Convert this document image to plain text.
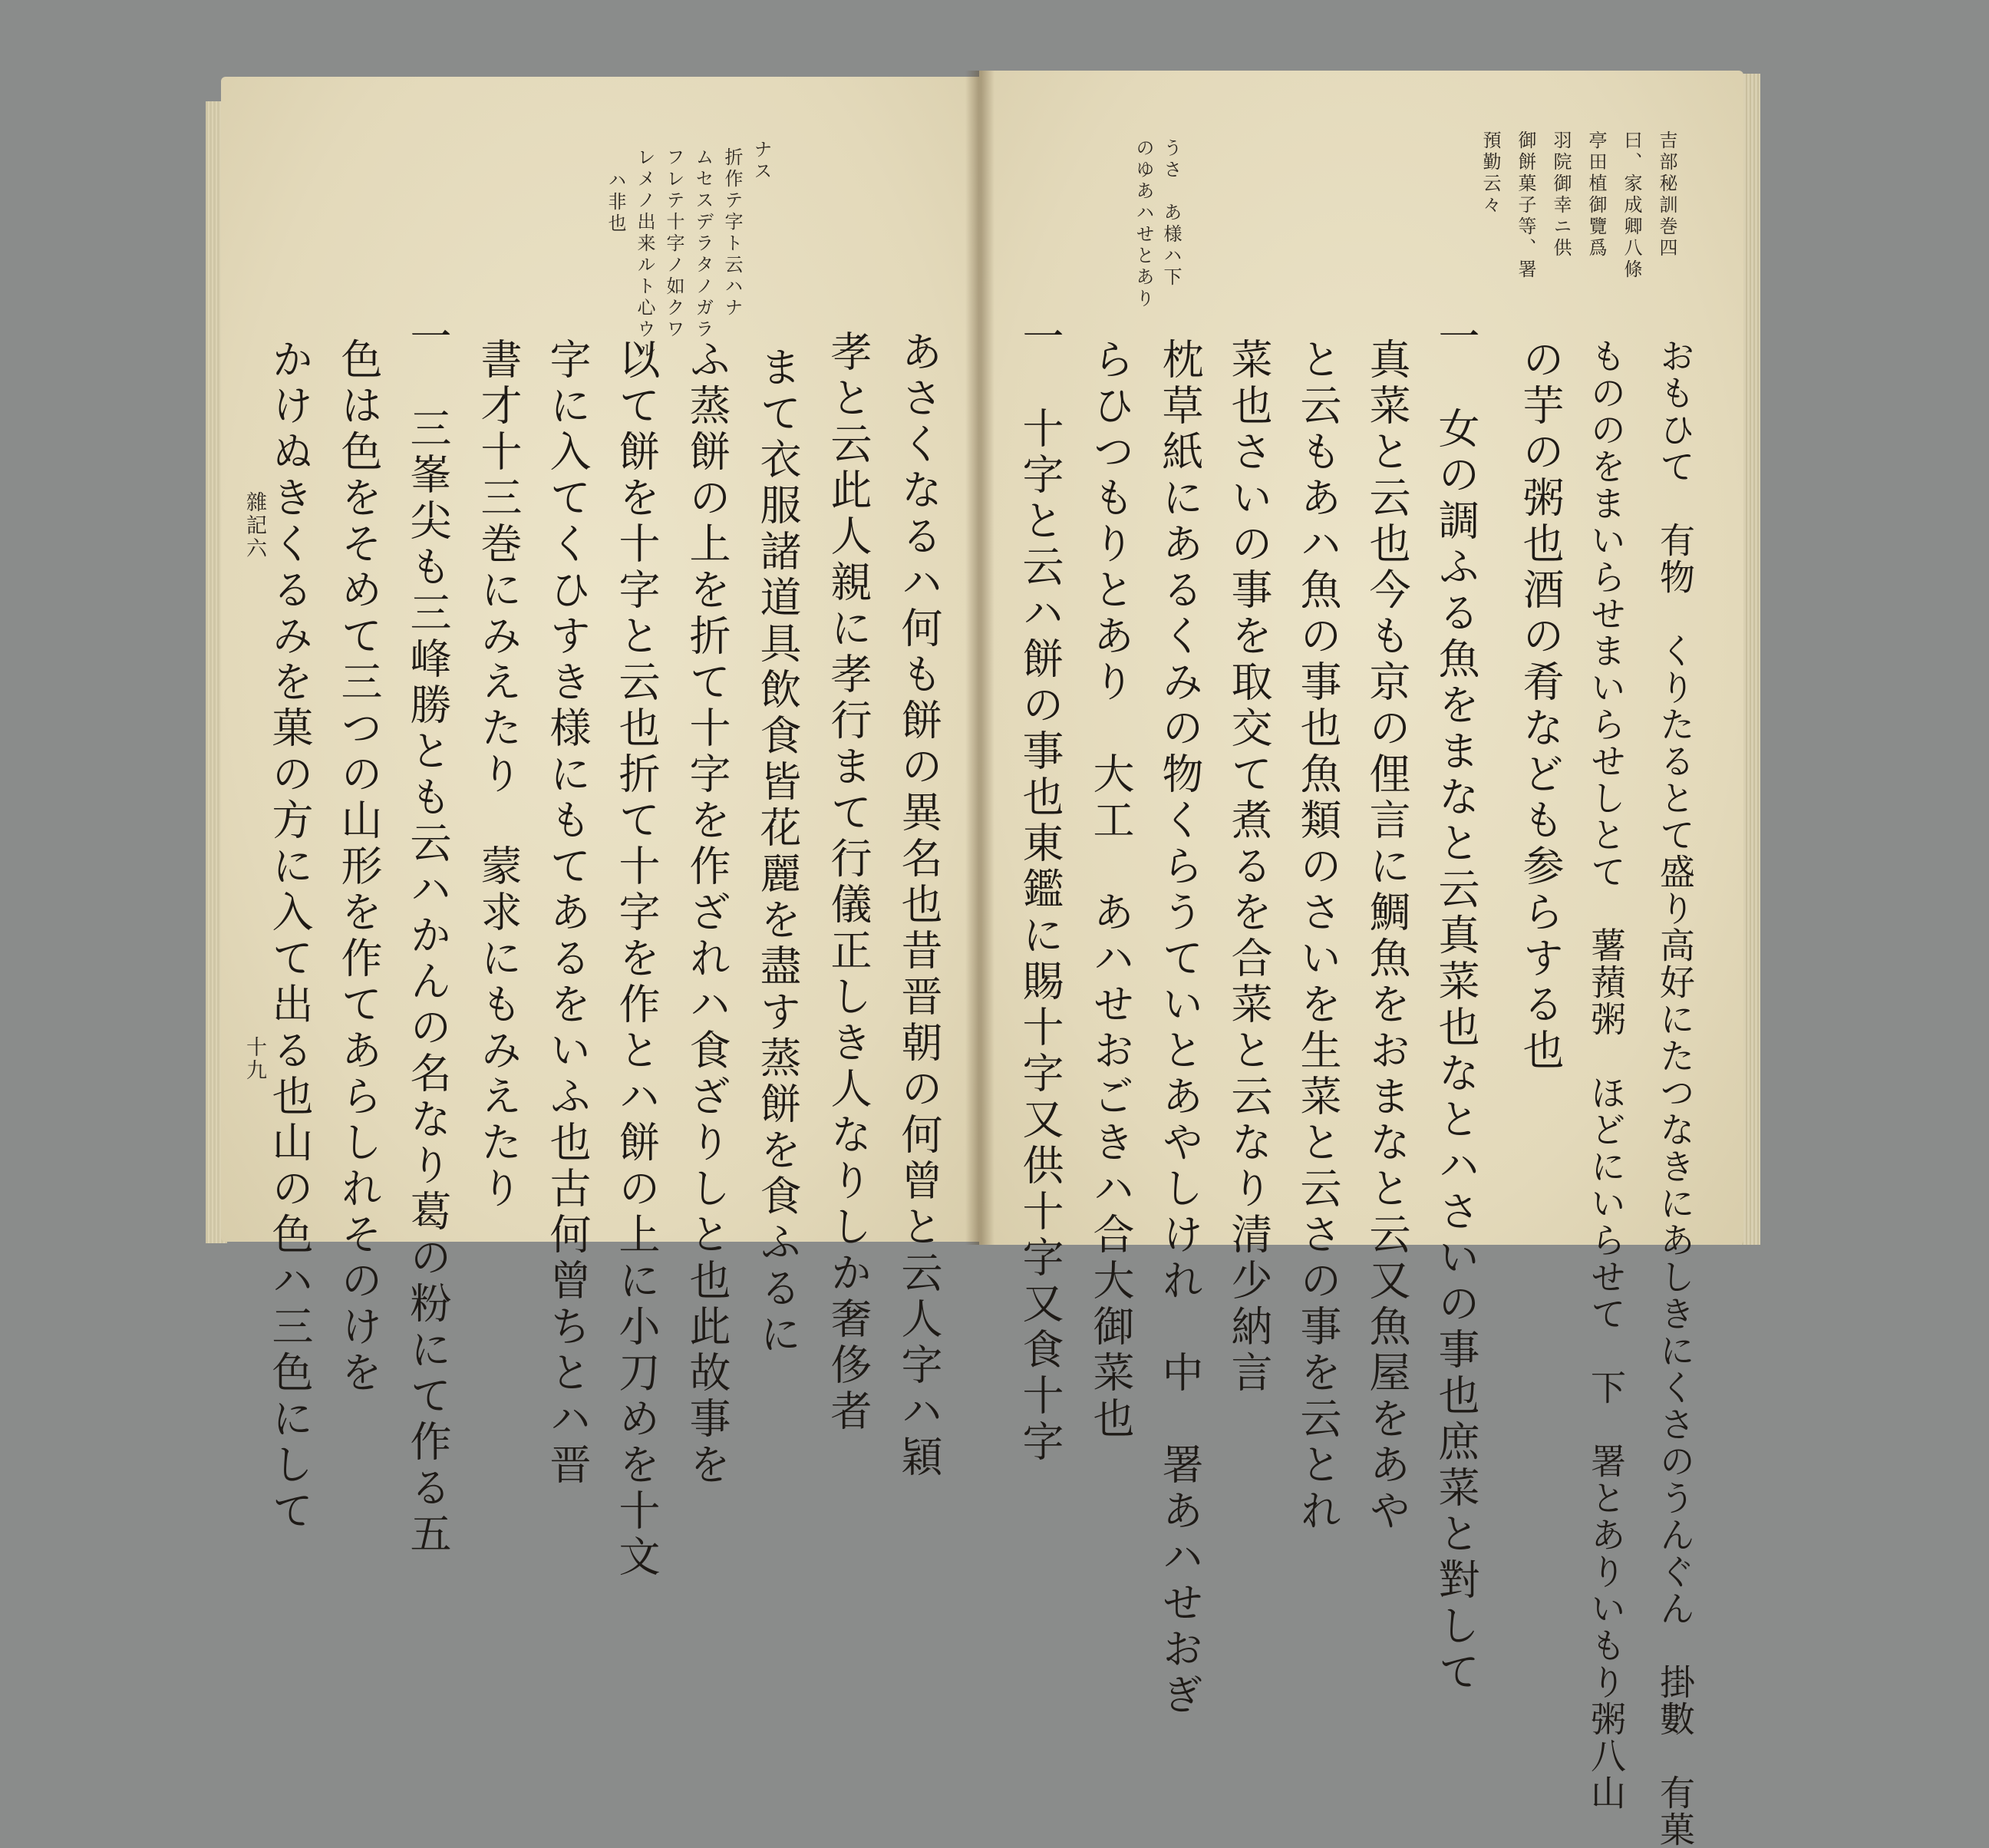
ナス
折作テ字ト云ハナ
ムセスデラタノガラ
フレテ十字ノ如クワ
レメノ出来ルト心ウル
ハ非也
あさくなるハ何も餅の異名也昔晋朝の何曾と云人字ハ穎
孝と云此人親に孝行まて行儀正しき人なりしか奢侈者
まて衣服諸道具飲食皆花麗を盡す蒸餅を食ふるに
ふ蒸餅の上を折て十字を作ざれハ食ざりしと也此故事を
以て餅を十字と云也折て十字を作とハ餅の上に小刀めを十文
字に入てくひすき様にもてあるをいふ也古何曾ちとハ晋
書才十三巻にみえたり　蒙求にもみえたり
一　三峯尖も三峰勝とも云ハかんの名なり葛の粉にて作る五
色は色をそめて三つの山形を作てあらしれそのけを
かけぬきくるみを菓の方に入て出る也山の色ハ三色にして
雜記六
十九
うさ　あ様ハ下
のゆあハせとあり	吉部秘訓巻四
曰、家成卿八條
亭田植御覽爲
羽院御幸ニ供
御餅菓子等、署
預勤云々
おもひて　有物　くりたるとて盛り高好にたつなきにあしきにくさのうんぐん　掛數　有菓
もののをまいらせまいらせしとて　薯蕷粥　ほどにいらせて　下　署とありいもり粥八山
の芋の粥也酒の肴なども参らする也
一　女の調ふる魚をまなと云真菜也なとハさいの事也庶菜と對して
真菜と云也今も京の俚言に鯛魚をおまなと云又魚屋をあや
と云もあハ魚の事也魚類のさいを生菜と云さの事を云とれ
菜也さいの事を取交て煮るを合菜と云なり清少納言
枕草紙にあるくみの物くらうていとあやしけれ　中　署あハせおぎ
らひつもりとあり　大工　あハせおごきハ合大御菜也
一　十字と云ハ餅の事也東鑑に賜十字又供十字又食十字
